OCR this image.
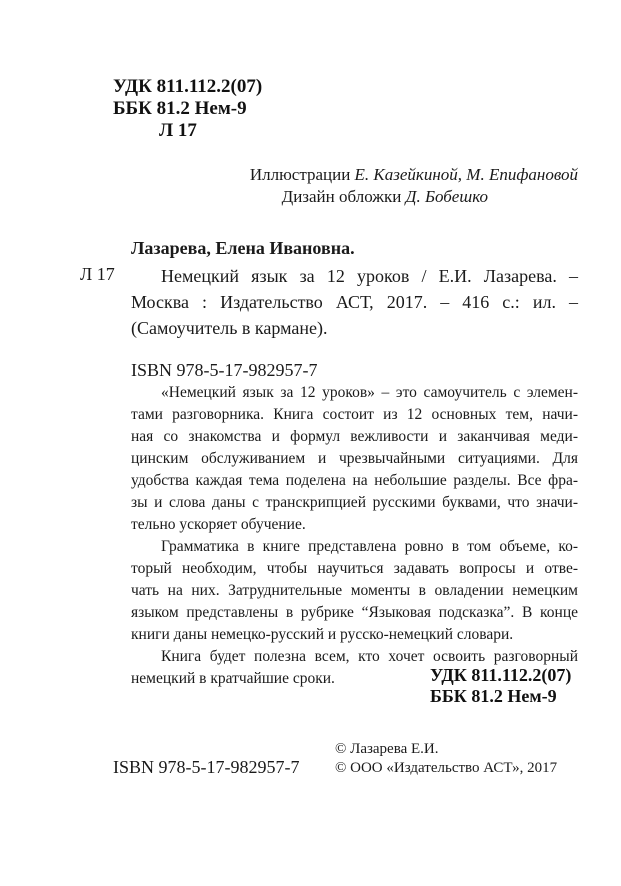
УДК 811.112.2(07)
ББК 81.2 Нем-9
Л 17
Иллюстрации Е. Казейкиной, М. Епифановой
Дизайн обложки Д. Бобешко
Лазарева, Елена Ивановна.
Л 17	Немецкий язык за 12 уроков / Е.И. Лазарева. –
Москва : Издательство АСТ, 2017. – 416 с.: ил. –
(Самоучитель в кармане).
ISBN 978-5-17-982957-7
«Немецкий язык за 12 уроков» – это самоучитель с элемен-
тами разговорника. Книга состоит из 12 основных тем, начи-
ная со знакомства и формул вежливости и заканчивая меди-
цинским обслуживанием и чрезвычайными ситуациями. Для
удобства каждая тема поделена на небольшие разделы. Все фра-
зы и слова даны с транскрипцией русскими буквами, что значи-
тельно ускоряет обучение.
Грамматика в книге представлена ровно в том объеме, ко-
торый необходим, чтобы научиться задавать вопросы и отве-
чать на них. Затруднительные моменты в овладении немецким
языком представлены в рубрике “Языковая подсказка”. В конце
книги даны немецко-русский и русско-немецкий словари.
Книга будет полезна всем, кто хочет освоить разговорный
немецкий в кратчайшие сроки.	УДК 811.112.2(07)
ББК 81.2 Нем-9
ISBN 978-5-17-982957-7
© Лазарева Е.И.
© ООО «Издательство АСТ», 2017
